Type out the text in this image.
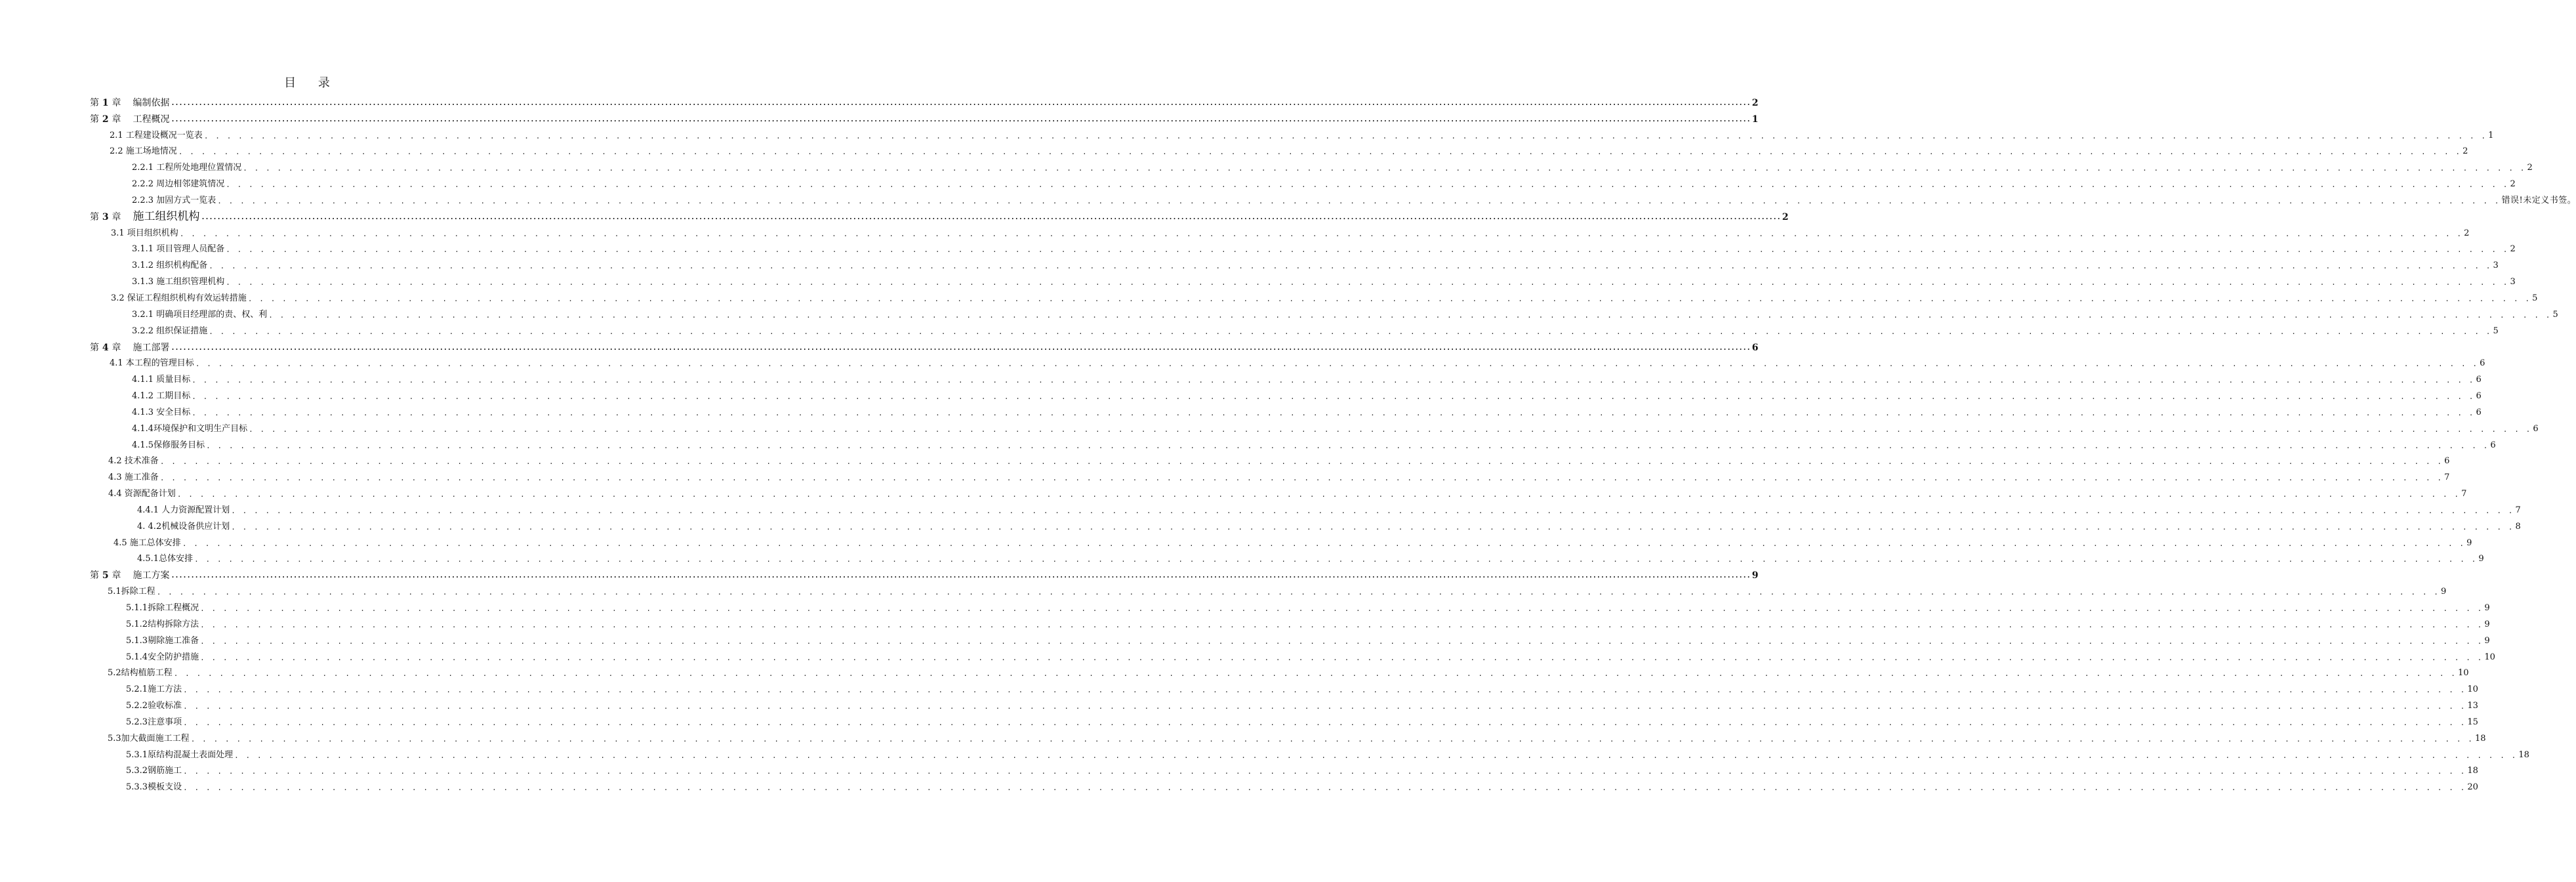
目 录
第 1 章 编制依据 ................................................................................................................................................................................................................................................................................................................................................................................................................ 2
第 2 章 工程概况 ................................................................................................................................................................................................................................................................................................................................................................................................................ 1
2.1 工程建设概况一览表 . . . . . . . . . . . . . . . . . . . . . . . . . . . . . . . . . . . . . . . . . . . . . . . . . . . . . . . . . . . . . . . . . . . . . . . . . . . . . . . . . . . . . . . . . . . . . . . . . . . . . . . . . . . . . . . . . . . . . . . . . . . . . . . . . . . . . . . . . . . . . . . . . . . . . . . . . . . . . . . . . . . . . . . . . . . . . . . . . . . . . . . . . . . . . . . . . . . . . . . . 1
2.2 施工场地情况 . . . . . . . . . . . . . . . . . . . . . . . . . . . . . . . . . . . . . . . . . . . . . . . . . . . . . . . . . . . . . . . . . . . . . . . . . . . . . . . . . . . . . . . . . . . . . . . . . . . . . . . . . . . . . . . . . . . . . . . . . . . . . . . . . . . . . . . . . . . . . . . . . . . . . . . . . . . . . . . . . . . . . . . . . . . . . . . . . . . . . . . . . . . . . . . . . . . . . . . . 2
2.2.1 工程所处地理位置情况 . . . . . . . . . . . . . . . . . . . . . . . . . . . . . . . . . . . . . . . . . . . . . . . . . . . . . . . . . . . . . . . . . . . . . . . . . . . . . . . . . . . . . . . . . . . . . . . . . . . . . . . . . . . . . . . . . . . . . . . . . . . . . . . . . . . . . . . . . . . . . . . . . . . . . . . . . . . . . . . . . . . . . . . . . . . . . . . . . . . . . . . . . . . . . . . . . . . . . . . . 2
2.2.2 周边相邻建筑情况 . . . . . . . . . . . . . . . . . . . . . . . . . . . . . . . . . . . . . . . . . . . . . . . . . . . . . . . . . . . . . . . . . . . . . . . . . . . . . . . . . . . . . . . . . . . . . . . . . . . . . . . . . . . . . . . . . . . . . . . . . . . . . . . . . . . . . . . . . . . . . . . . . . . . . . . . . . . . . . . . . . . . . . . . . . . . . . . . . . . . . . . . . . . . . . . . . . . . . . . . 2
2.2.3 加固方式一览表 . . . . . . . . . . . . . . . . . . . . . . . . . . . . . . . . . . . . . . . . . . . . . . . . . . . . . . . . . . . . . . . . . . . . . . . . . . . . . . . . . . . . . . . . . . . . . . . . . . . . . . . . . . . . . . . . . . . . . . . . . . . . . . . . . . . . . . . . . . . . . . . . . . . . . . . . . . . . . . . . . . . . . . . . . . . . . . . . . . . . . . . . . . . . . . . . . . . . . . . . 错误!未定义书签。
第 3 章 施工组织机构 ................................................................................................................................................................................................................................................................................................................................................................................................................ 2
3.1 项目组织机构 . . . . . . . . . . . . . . . . . . . . . . . . . . . . . . . . . . . . . . . . . . . . . . . . . . . . . . . . . . . . . . . . . . . . . . . . . . . . . . . . . . . . . . . . . . . . . . . . . . . . . . . . . . . . . . . . . . . . . . . . . . . . . . . . . . . . . . . . . . . . . . . . . . . . . . . . . . . . . . . . . . . . . . . . . . . . . . . . . . . . . . . . . . . . . . . . . . . . . . . . 2
3.1.1 项目管理人员配备 . . . . . . . . . . . . . . . . . . . . . . . . . . . . . . . . . . . . . . . . . . . . . . . . . . . . . . . . . . . . . . . . . . . . . . . . . . . . . . . . . . . . . . . . . . . . . . . . . . . . . . . . . . . . . . . . . . . . . . . . . . . . . . . . . . . . . . . . . . . . . . . . . . . . . . . . . . . . . . . . . . . . . . . . . . . . . . . . . . . . . . . . . . . . . . . . . . . . . . . . 2
3.1.2 组织机构配备 . . . . . . . . . . . . . . . . . . . . . . . . . . . . . . . . . . . . . . . . . . . . . . . . . . . . . . . . . . . . . . . . . . . . . . . . . . . . . . . . . . . . . . . . . . . . . . . . . . . . . . . . . . . . . . . . . . . . . . . . . . . . . . . . . . . . . . . . . . . . . . . . . . . . . . . . . . . . . . . . . . . . . . . . . . . . . . . . . . . . . . . . . . . . . . . . . . . . . . . . 3
3.1.3 施工组织管理机构 . . . . . . . . . . . . . . . . . . . . . . . . . . . . . . . . . . . . . . . . . . . . . . . . . . . . . . . . . . . . . . . . . . . . . . . . . . . . . . . . . . . . . . . . . . . . . . . . . . . . . . . . . . . . . . . . . . . . . . . . . . . . . . . . . . . . . . . . . . . . . . . . . . . . . . . . . . . . . . . . . . . . . . . . . . . . . . . . . . . . . . . . . . . . . . . . . . . . . . . . 3
3.2 保证工程组织机构有效运转措施 . . . . . . . . . . . . . . . . . . . . . . . . . . . . . . . . . . . . . . . . . . . . . . . . . . . . . . . . . . . . . . . . . . . . . . . . . . . . . . . . . . . . . . . . . . . . . . . . . . . . . . . . . . . . . . . . . . . . . . . . . . . . . . . . . . . . . . . . . . . . . . . . . . . . . . . . . . . . . . . . . . . . . . . . . . . . . . . . . . . . . . . . . . . . . . . . . . . . . . . . 5
3.2.1 明确项目经理部的责、权、利 . . . . . . . . . . . . . . . . . . . . . . . . . . . . . . . . . . . . . . . . . . . . . . . . . . . . . . . . . . . . . . . . . . . . . . . . . . . . . . . . . . . . . . . . . . . . . . . . . . . . . . . . . . . . . . . . . . . . . . . . . . . . . . . . . . . . . . . . . . . . . . . . . . . . . . . . . . . . . . . . . . . . . . . . . . . . . . . . . . . . . . . . . . . . . . . . . . . . . . . . 5
3.2.2 组织保证措施 . . . . . . . . . . . . . . . . . . . . . . . . . . . . . . . . . . . . . . . . . . . . . . . . . . . . . . . . . . . . . . . . . . . . . . . . . . . . . . . . . . . . . . . . . . . . . . . . . . . . . . . . . . . . . . . . . . . . . . . . . . . . . . . . . . . . . . . . . . . . . . . . . . . . . . . . . . . . . . . . . . . . . . . . . . . . . . . . . . . . . . . . . . . . . . . . . . . . . . . . 5
第 4 章 施工部署 ................................................................................................................................................................................................................................................................................................................................................................................................................ 6
4.1 本工程的管理目标 . . . . . . . . . . . . . . . . . . . . . . . . . . . . . . . . . . . . . . . . . . . . . . . . . . . . . . . . . . . . . . . . . . . . . . . . . . . . . . . . . . . . . . . . . . . . . . . . . . . . . . . . . . . . . . . . . . . . . . . . . . . . . . . . . . . . . . . . . . . . . . . . . . . . . . . . . . . . . . . . . . . . . . . . . . . . . . . . . . . . . . . . . . . . . . . . . . . . . . . . 6
4.1.1 质量目标 . . . . . . . . . . . . . . . . . . . . . . . . . . . . . . . . . . . . . . . . . . . . . . . . . . . . . . . . . . . . . . . . . . . . . . . . . . . . . . . . . . . . . . . . . . . . . . . . . . . . . . . . . . . . . . . . . . . . . . . . . . . . . . . . . . . . . . . . . . . . . . . . . . . . . . . . . . . . . . . . . . . . . . . . . . . . . . . . . . . . . . . . . . . . . . . . . . . . . . . . 6
4.1.2 工期目标 . . . . . . . . . . . . . . . . . . . . . . . . . . . . . . . . . . . . . . . . . . . . . . . . . . . . . . . . . . . . . . . . . . . . . . . . . . . . . . . . . . . . . . . . . . . . . . . . . . . . . . . . . . . . . . . . . . . . . . . . . . . . . . . . . . . . . . . . . . . . . . . . . . . . . . . . . . . . . . . . . . . . . . . . . . . . . . . . . . . . . . . . . . . . . . . . . . . . . . . . 6
4.1.3 安全目标 . . . . . . . . . . . . . . . . . . . . . . . . . . . . . . . . . . . . . . . . . . . . . . . . . . . . . . . . . . . . . . . . . . . . . . . . . . . . . . . . . . . . . . . . . . . . . . . . . . . . . . . . . . . . . . . . . . . . . . . . . . . . . . . . . . . . . . . . . . . . . . . . . . . . . . . . . . . . . . . . . . . . . . . . . . . . . . . . . . . . . . . . . . . . . . . . . . . . . . . . 6
4.1.4环境保护和文明生产目标 . . . . . . . . . . . . . . . . . . . . . . . . . . . . . . . . . . . . . . . . . . . . . . . . . . . . . . . . . . . . . . . . . . . . . . . . . . . . . . . . . . . . . . . . . . . . . . . . . . . . . . . . . . . . . . . . . . . . . . . . . . . . . . . . . . . . . . . . . . . . . . . . . . . . . . . . . . . . . . . . . . . . . . . . . . . . . . . . . . . . . . . . . . . . . . . . . . . . . . . . 6
4.1.5保修服务目标 . . . . . . . . . . . . . . . . . . . . . . . . . . . . . . . . . . . . . . . . . . . . . . . . . . . . . . . . . . . . . . . . . . . . . . . . . . . . . . . . . . . . . . . . . . . . . . . . . . . . . . . . . . . . . . . . . . . . . . . . . . . . . . . . . . . . . . . . . . . . . . . . . . . . . . . . . . . . . . . . . . . . . . . . . . . . . . . . . . . . . . . . . . . . . . . . . . . . . . . . 6
4.2 技术准备 . . . . . . . . . . . . . . . . . . . . . . . . . . . . . . . . . . . . . . . . . . . . . . . . . . . . . . . . . . . . . . . . . . . . . . . . . . . . . . . . . . . . . . . . . . . . . . . . . . . . . . . . . . . . . . . . . . . . . . . . . . . . . . . . . . . . . . . . . . . . . . . . . . . . . . . . . . . . . . . . . . . . . . . . . . . . . . . . . . . . . . . . . . . . . . . . . . . . . . . . 6
4.3 施工准备 . . . . . . . . . . . . . . . . . . . . . . . . . . . . . . . . . . . . . . . . . . . . . . . . . . . . . . . . . . . . . . . . . . . . . . . . . . . . . . . . . . . . . . . . . . . . . . . . . . . . . . . . . . . . . . . . . . . . . . . . . . . . . . . . . . . . . . . . . . . . . . . . . . . . . . . . . . . . . . . . . . . . . . . . . . . . . . . . . . . . . . . . . . . . . . . . . . . . . . . . 7
4.4 资源配备计划 . . . . . . . . . . . . . . . . . . . . . . . . . . . . . . . . . . . . . . . . . . . . . . . . . . . . . . . . . . . . . . . . . . . . . . . . . . . . . . . . . . . . . . . . . . . . . . . . . . . . . . . . . . . . . . . . . . . . . . . . . . . . . . . . . . . . . . . . . . . . . . . . . . . . . . . . . . . . . . . . . . . . . . . . . . . . . . . . . . . . . . . . . . . . . . . . . . . . . . . . 7
4.4.1 人力资源配置计划 . . . . . . . . . . . . . . . . . . . . . . . . . . . . . . . . . . . . . . . . . . . . . . . . . . . . . . . . . . . . . . . . . . . . . . . . . . . . . . . . . . . . . . . . . . . . . . . . . . . . . . . . . . . . . . . . . . . . . . . . . . . . . . . . . . . . . . . . . . . . . . . . . . . . . . . . . . . . . . . . . . . . . . . . . . . . . . . . . . . . . . . . . . . . . . . . . . . . . . . . 7
4. 4.2机械设备供应计划 . . . . . . . . . . . . . . . . . . . . . . . . . . . . . . . . . . . . . . . . . . . . . . . . . . . . . . . . . . . . . . . . . . . . . . . . . . . . . . . . . . . . . . . . . . . . . . . . . . . . . . . . . . . . . . . . . . . . . . . . . . . . . . . . . . . . . . . . . . . . . . . . . . . . . . . . . . . . . . . . . . . . . . . . . . . . . . . . . . . . . . . . . . . . . . . . . . . . . . . . 8
4.5 施工总体安排 . . . . . . . . . . . . . . . . . . . . . . . . . . . . . . . . . . . . . . . . . . . . . . . . . . . . . . . . . . . . . . . . . . . . . . . . . . . . . . . . . . . . . . . . . . . . . . . . . . . . . . . . . . . . . . . . . . . . . . . . . . . . . . . . . . . . . . . . . . . . . . . . . . . . . . . . . . . . . . . . . . . . . . . . . . . . . . . . . . . . . . . . . . . . . . . . . . . . . . . . 9
4.5.1总体安排 . . . . . . . . . . . . . . . . . . . . . . . . . . . . . . . . . . . . . . . . . . . . . . . . . . . . . . . . . . . . . . . . . . . . . . . . . . . . . . . . . . . . . . . . . . . . . . . . . . . . . . . . . . . . . . . . . . . . . . . . . . . . . . . . . . . . . . . . . . . . . . . . . . . . . . . . . . . . . . . . . . . . . . . . . . . . . . . . . . . . . . . . . . . . . . . . . . . . . . . . 9
第 5 章 施工方案 ................................................................................................................................................................................................................................................................................................................................................................................................................ 9
5.1拆除工程 . . . . . . . . . . . . . . . . . . . . . . . . . . . . . . . . . . . . . . . . . . . . . . . . . . . . . . . . . . . . . . . . . . . . . . . . . . . . . . . . . . . . . . . . . . . . . . . . . . . . . . . . . . . . . . . . . . . . . . . . . . . . . . . . . . . . . . . . . . . . . . . . . . . . . . . . . . . . . . . . . . . . . . . . . . . . . . . . . . . . . . . . . . . . . . . . . . . . . . . . 9
5.1.1拆除工程概况 . . . . . . . . . . . . . . . . . . . . . . . . . . . . . . . . . . . . . . . . . . . . . . . . . . . . . . . . . . . . . . . . . . . . . . . . . . . . . . . . . . . . . . . . . . . . . . . . . . . . . . . . . . . . . . . . . . . . . . . . . . . . . . . . . . . . . . . . . . . . . . . . . . . . . . . . . . . . . . . . . . . . . . . . . . . . . . . . . . . . . . . . . . . . . . . . . . . . . . . . 9
5.1.2结构拆除方法 . . . . . . . . . . . . . . . . . . . . . . . . . . . . . . . . . . . . . . . . . . . . . . . . . . . . . . . . . . . . . . . . . . . . . . . . . . . . . . . . . . . . . . . . . . . . . . . . . . . . . . . . . . . . . . . . . . . . . . . . . . . . . . . . . . . . . . . . . . . . . . . . . . . . . . . . . . . . . . . . . . . . . . . . . . . . . . . . . . . . . . . . . . . . . . . . . . . . . . . . 9
5.1.3剔除施工准备 . . . . . . . . . . . . . . . . . . . . . . . . . . . . . . . . . . . . . . . . . . . . . . . . . . . . . . . . . . . . . . . . . . . . . . . . . . . . . . . . . . . . . . . . . . . . . . . . . . . . . . . . . . . . . . . . . . . . . . . . . . . . . . . . . . . . . . . . . . . . . . . . . . . . . . . . . . . . . . . . . . . . . . . . . . . . . . . . . . . . . . . . . . . . . . . . . . . . . . . . 9
5.1.4安全防护措施 . . . . . . . . . . . . . . . . . . . . . . . . . . . . . . . . . . . . . . . . . . . . . . . . . . . . . . . . . . . . . . . . . . . . . . . . . . . . . . . . . . . . . . . . . . . . . . . . . . . . . . . . . . . . . . . . . . . . . . . . . . . . . . . . . . . . . . . . . . . . . . . . . . . . . . . . . . . . . . . . . . . . . . . . . . . . . . . . . . . . . . . . . . . . . . . . . . . . . . . . 10
5.2结构植筋工程 . . . . . . . . . . . . . . . . . . . . . . . . . . . . . . . . . . . . . . . . . . . . . . . . . . . . . . . . . . . . . . . . . . . . . . . . . . . . . . . . . . . . . . . . . . . . . . . . . . . . . . . . . . . . . . . . . . . . . . . . . . . . . . . . . . . . . . . . . . . . . . . . . . . . . . . . . . . . . . . . . . . . . . . . . . . . . . . . . . . . . . . . . . . . . . . . . . . . . . . . 10
5.2.1施工方法 . . . . . . . . . . . . . . . . . . . . . . . . . . . . . . . . . . . . . . . . . . . . . . . . . . . . . . . . . . . . . . . . . . . . . . . . . . . . . . . . . . . . . . . . . . . . . . . . . . . . . . . . . . . . . . . . . . . . . . . . . . . . . . . . . . . . . . . . . . . . . . . . . . . . . . . . . . . . . . . . . . . . . . . . . . . . . . . . . . . . . . . . . . . . . . . . . . . . . . . . 10
5.2.2验收标准 . . . . . . . . . . . . . . . . . . . . . . . . . . . . . . . . . . . . . . . . . . . . . . . . . . . . . . . . . . . . . . . . . . . . . . . . . . . . . . . . . . . . . . . . . . . . . . . . . . . . . . . . . . . . . . . . . . . . . . . . . . . . . . . . . . . . . . . . . . . . . . . . . . . . . . . . . . . . . . . . . . . . . . . . . . . . . . . . . . . . . . . . . . . . . . . . . . . . . . . . 13
5.2.3注意事项 . . . . . . . . . . . . . . . . . . . . . . . . . . . . . . . . . . . . . . . . . . . . . . . . . . . . . . . . . . . . . . . . . . . . . . . . . . . . . . . . . . . . . . . . . . . . . . . . . . . . . . . . . . . . . . . . . . . . . . . . . . . . . . . . . . . . . . . . . . . . . . . . . . . . . . . . . . . . . . . . . . . . . . . . . . . . . . . . . . . . . . . . . . . . . . . . . . . . . . . . 15
5.3加大截面施工工程 . . . . . . . . . . . . . . . . . . . . . . . . . . . . . . . . . . . . . . . . . . . . . . . . . . . . . . . . . . . . . . . . . . . . . . . . . . . . . . . . . . . . . . . . . . . . . . . . . . . . . . . . . . . . . . . . . . . . . . . . . . . . . . . . . . . . . . . . . . . . . . . . . . . . . . . . . . . . . . . . . . . . . . . . . . . . . . . . . . . . . . . . . . . . . . . . . . . . . . . . 18
5.3.1原结构混凝土表面处理 . . . . . . . . . . . . . . . . . . . . . . . . . . . . . . . . . . . . . . . . . . . . . . . . . . . . . . . . . . . . . . . . . . . . . . . . . . . . . . . . . . . . . . . . . . . . . . . . . . . . . . . . . . . . . . . . . . . . . . . . . . . . . . . . . . . . . . . . . . . . . . . . . . . . . . . . . . . . . . . . . . . . . . . . . . . . . . . . . . . . . . . . . . . . . . . . . . . . . . . . 18
5.3.2钢筋施工 . . . . . . . . . . . . . . . . . . . . . . . . . . . . . . . . . . . . . . . . . . . . . . . . . . . . . . . . . . . . . . . . . . . . . . . . . . . . . . . . . . . . . . . . . . . . . . . . . . . . . . . . . . . . . . . . . . . . . . . . . . . . . . . . . . . . . . . . . . . . . . . . . . . . . . . . . . . . . . . . . . . . . . . . . . . . . . . . . . . . . . . . . . . . . . . . . . . . . . . . 18
5.3.3模板支设 . . . . . . . . . . . . . . . . . . . . . . . . . . . . . . . . . . . . . . . . . . . . . . . . . . . . . . . . . . . . . . . . . . . . . . . . . . . . . . . . . . . . . . . . . . . . . . . . . . . . . . . . . . . . . . . . . . . . . . . . . . . . . . . . . . . . . . . . . . . . . . . . . . . . . . . . . . . . . . . . . . . . . . . . . . . . . . . . . . . . . . . . . . . . . . . . . . . . . . . . 20
